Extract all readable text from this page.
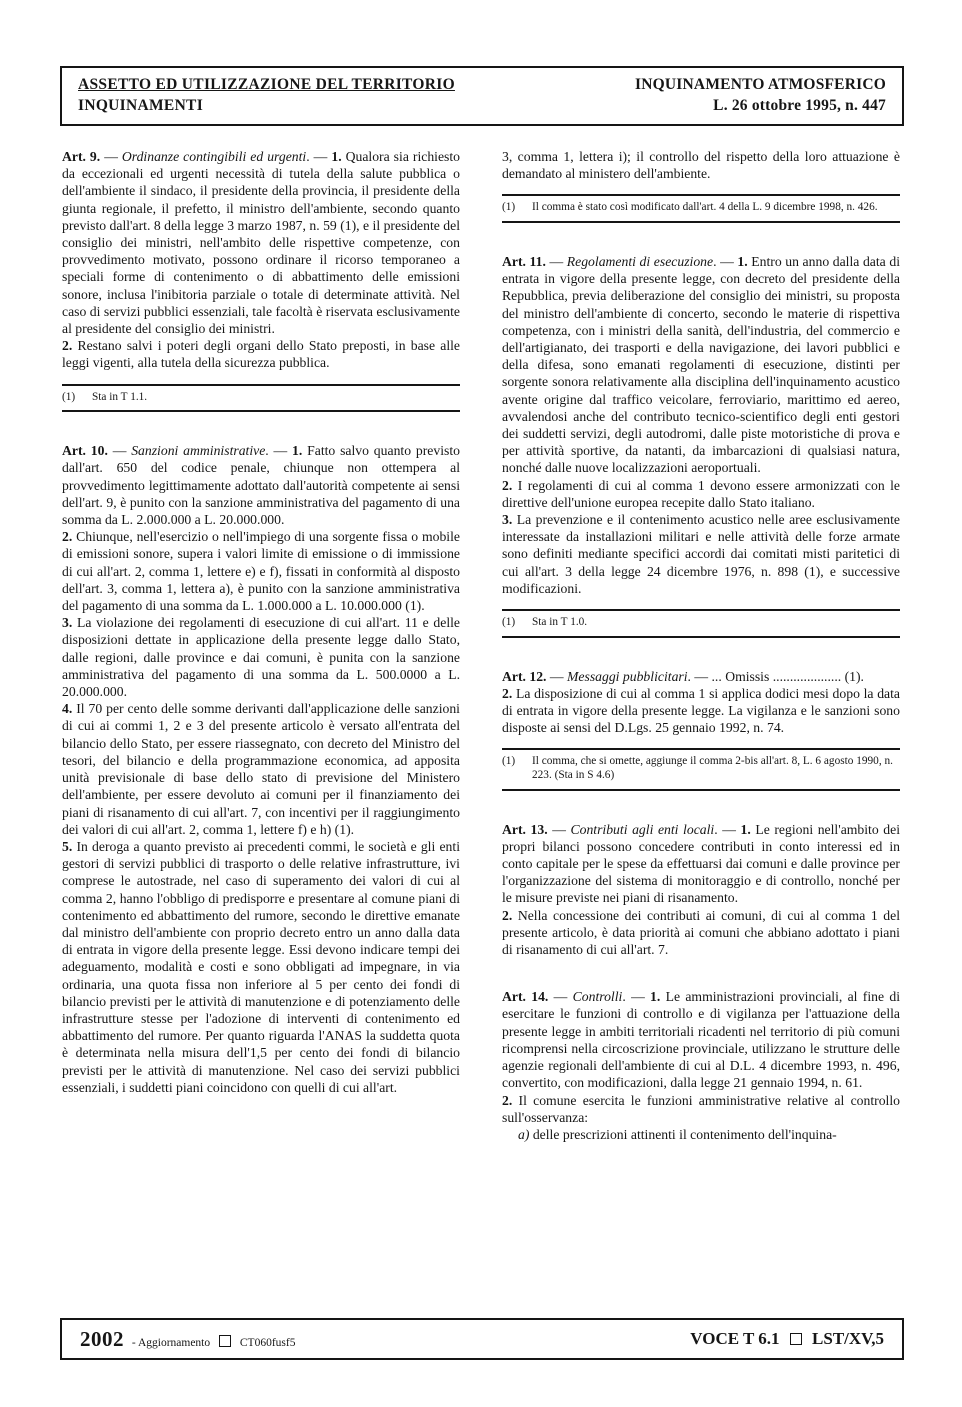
ASSETTO ED UTILIZZAZIONE DEL TERRITORIO
INQUINAMENTI
INQUINAMENTO ATMOSFERICO
L. 26 ottobre 1995, n. 447

Art. 9. — Ordinanze contingibili ed urgenti. — 1. Qualora sia richiesto da eccezionali ed urgenti necessità di tutela della salute pubblica o dell'ambiente il sindaco, il presidente della provincia, il presidente della giunta regionale, il prefetto, il ministro dell'ambiente, secondo quanto previsto dall'art. 8 della legge 3 marzo 1987, n. 59 (1), e il presidente del consiglio dei ministri, nell'ambito delle rispettive competenze, con provvedimento motivato, possono ordinare il ricorso temporaneo a speciali forme di contenimento o di abbattimento delle emissioni sonore, inclusa l'inibitoria parziale o totale di determinate attività. Nel caso di servizi pubblici essenziali, tale facoltà è riservata esclusivamente al presidente del consiglio dei ministri.

2. Restano salvi i poteri degli organi dello Stato preposti, in base alle leggi vigenti, alla tutela della sicurezza pubblica.

(1)	Sta in T 1.1.

Art. 10. — Sanzioni amministrative. — 1. Fatto salvo quanto previsto dall'art. 650 del codice penale, chiunque non ottempera al provvedimento legittimamente adottato dall'autorità competente ai sensi dell'art. 9, è punito con la sanzione amministrativa del pagamento di una somma da L. 2.000.000 a L. 20.000.000.

2. Chiunque, nell'esercizio o nell'impiego di una sorgente fissa o mobile di emissioni sonore, supera i valori limite di emissione o di immissione di cui all'art. 2, comma 1, lettere e) e f), fissati in conformità al disposto dell'art. 3, comma 1, lettera a), è punito con la sanzione amministrativa del pagamento di una somma da L. 1.000.000 a L. 10.000.000 (1).

3. La violazione dei regolamenti di esecuzione di cui all'art. 11 e delle disposizioni dettate in applicazione della presente legge dallo Stato, dalle regioni, dalle province e dai comuni, è punita con la sanzione amministrativa del pagamento di una somma da L. 500.0000 a L. 20.000.000.

4. Il 70 per cento delle somme derivanti dall'applicazione delle sanzioni di cui ai commi 1, 2 e 3 del presente articolo è versato all'entrata del bilancio dello Stato, per essere riassegnato, con decreto del Ministro del tesori, del bilancio e della programmazione economica, ad apposita unità previsionale di base dello stato di previsione del Ministero dell'ambiente, per essere devoluto ai comuni per il finanziamento dei piani di risanamento di cui all'art. 7, con incentivi per il raggiungimento dei valori di cui all'art. 2, comma 1, lettere f) e h) (1).

5. In deroga a quanto previsto ai precedenti commi, le società e gli enti gestori di servizi pubblici di trasporto o delle relative infrastrutture, ivi comprese le autostrade, nel caso di superamento dei valori di cui al comma 2, hanno l'obbligo di predisporre e presentare al comune piani di contenimento ed abbattimento del rumore, secondo le direttive emanate dal ministro dell'ambiente con proprio decreto entro un anno dalla data di entrata in vigore della presente legge. Essi devono indicare tempi dei adeguamento, modalità e costi e sono obbligati ad impegnare, in via ordinaria, una quota fissa non inferiore al 5 per cento dei fondi di bilancio previsti per le attività di manutenzione e di potenziamento delle infrastrutture stesse per l'adozione di interventi di contenimento ed abbattimento del rumore. Per quanto riguarda l'ANAS la suddetta quota è determinata nella misura dell'1,5 per cento dei fondi di bilancio previsti per le attività di manutenzione. Nel caso dei servizi pubblici essenziali, i suddetti piani coincidono con quelli di cui all'art.

3, comma 1, lettera i); il controllo del rispetto della loro attuazione è demandato al ministero dell'ambiente.

(1)	Il comma è stato così modificato dall'art. 4 della L. 9 dicembre 1998, n. 426.

Art. 11. — Regolamenti di esecuzione. — 1. Entro un anno dalla data di entrata in vigore della presente legge, con decreto del presidente della Repubblica, previa deliberazione del consiglio dei ministri, su proposta del ministro dell'ambiente di concerto, secondo le materie di rispettiva competenza, con i ministri della sanità, dell'industria, del commercio e dell'artigianato, dei trasporti e della navigazione, dei lavori pubblici e della difesa, sono emanati regolamenti di esecuzione, distinti per sorgente sonora relativamente alla disciplina dell'inquinamento acustico avente origine dal traffico veicolare, ferroviario, marittimo ed aereo, avvalendosi anche del contributo tecnico-scientifico degli enti gestori dei suddetti servizi, degli autodromi, dalle piste motoristiche di prova e per attività sportive, da natanti, da imbarcazioni di qualsiasi natura, nonché dalle nuove localizzazioni aeroportuali.

2. I regolamenti di cui al comma 1 devono essere armonizzati con le direttive dell'unione europea recepite dallo Stato italiano.

3. La prevenzione e il contenimento acustico nelle aree esclusivamente interessate da installazioni militari e nelle attività delle forze armate sono definiti mediante specifici accordi dai comitati misti paritetici di cui all'art. 3 della legge 24 dicembre 1976, n. 898 (1), e successive modificazioni.

(1)	Sta in T 1.0.

Art. 12. — Messaggi pubblicitari. — ... Omissis .................... (1).

2. La disposizione di cui al comma 1 si applica dodici mesi dopo la data di entrata in vigore della presente legge. La vigilanza e le sanzioni sono disposte ai sensi del D.Lgs. 25 gennaio 1992, n. 74.

(1)	Il comma, che si omette, aggiunge il comma 2-bis all'art. 8, L. 6 agosto 1990, n. 223. (Sta in S 4.6)

Art. 13. — Contributi agli enti locali. — 1. Le regioni nell'ambito dei propri bilanci possono concedere contributi in conto interessi ed in conto capitale per le spese da effettuarsi dai comuni e dalle province per l'organizzazione del sistema di monitoraggio e di controllo, nonché per le misure previste nei piani di risanamento.

2. Nella concessione dei contributi ai comuni, di cui al comma 1 del presente articolo, è data priorità ai comuni che abbiano adottato i piani di risanamento di cui all'art. 7.

Art. 14. — Controlli. — 1. Le amministrazioni provinciali, al fine di esercitare le funzioni di controllo e di vigilanza per l'attuazione della presente legge in ambiti territoriali ricadenti nel territorio di più comuni ricomprensi nella circoscrizione provinciale, utilizzano le strutture delle agenzie regionali dell'ambiente di cui al D.L. 4 dicembre 1993, n. 496, convertito, con modificazioni, dalla legge 21 gennaio 1994, n. 61.

2. Il comune esercita le funzioni amministrative relative al controllo sull'osservanza:

a) delle prescrizioni attinenti il contenimento dell'inquina-

2002 - Aggiornamento	CT060fusf5	VOCE T 6.1 LST/XV,5
